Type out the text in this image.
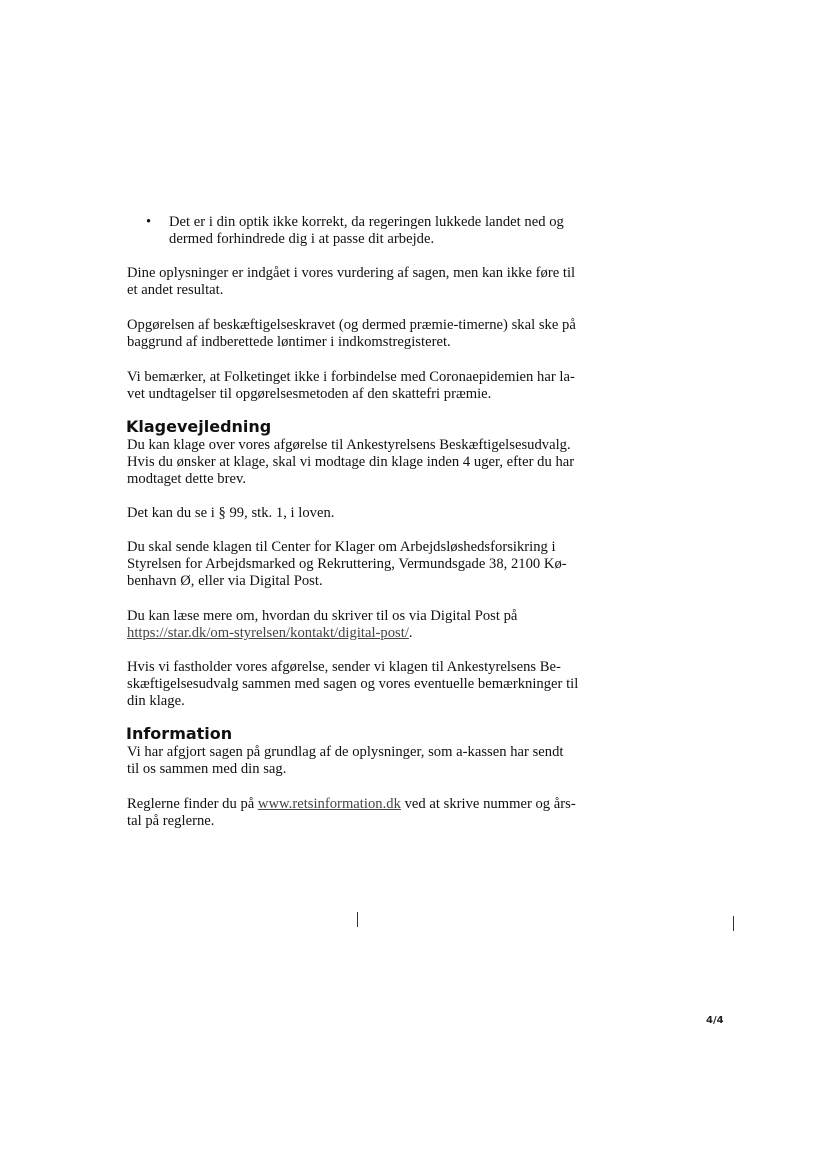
• Det er i din optik ikke korrekt, da regeringen lukkede landet ned og
dermed forhindrede dig i at passe dit arbejde.
Dine oplysninger er indgået i vores vurdering af sagen, men kan ikke føre til
et andet resultat.
Opgørelsen af beskæftigelseskravet (og dermed præmie-timerne) skal ske på
baggrund af indberettede løntimer i indkomstregisteret.
Vi bemærker, at Folketinget ikke i forbindelse med Coronaepidemien har la-
vet undtagelser til opgørelsesmetoden af den skattefri præmie.
Klagevejledning
Du kan klage over vores afgørelse til Ankestyrelsens Beskæftigelsesudvalg.
Hvis du ønsker at klage, skal vi modtage din klage inden 4 uger, efter du har
modtaget dette brev.
Det kan du se i § 99, stk. 1, i loven.
Du skal sende klagen til Center for Klager om Arbejdsløshedsforsikring i
Styrelsen for Arbejdsmarked og Rekruttering, Vermundsgade 38, 2100 Kø-
benhavn Ø, eller via Digital Post.
Du kan læse mere om, hvordan du skriver til os via Digital Post på
https://star.dk/om-styrelsen/kontakt/digital-post/.
Hvis vi fastholder vores afgørelse, sender vi klagen til Ankestyrelsens Be-
skæftigelsesudvalg sammen med sagen og vores eventuelle bemærkninger til
din klage.
Information
Vi har afgjort sagen på grundlag af de oplysninger, som a-kassen har sendt
til os sammen med din sag.
Reglerne finder du på www.retsinformation.dk ved at skrive nummer og års-
tal på reglerne.
4/4
